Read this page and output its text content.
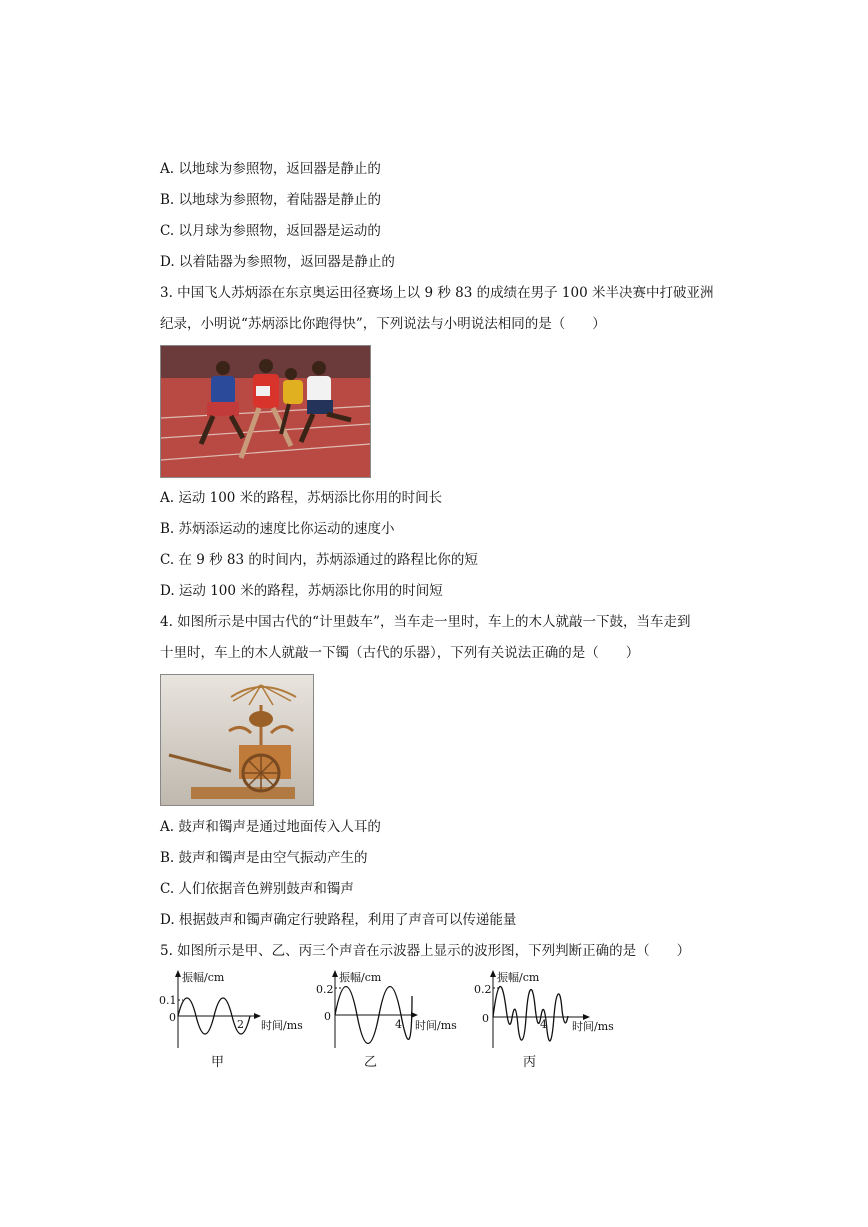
A. 以地球为参照物，返回器是静止的
B. 以地球为参照物，着陆器是静止的
C. 以月球为参照物，返回器是运动的
D. 以着陆器为参照物，返回器是静止的
3. 中国飞人苏炳添在东京奥运田径赛场上以 9 秒 83 的成绩在男子 100 米半决赛中打破亚洲
纪录，小明说“苏炳添比你跑得快”，下列说法与小明说法相同的是（　　）
A. 运动 100 米的路程，苏炳添比你用的时间长
B. 苏炳添运动的速度比你运动的速度小
C. 在 9 秒 83 的时间内，苏炳添通过的路程比你的短
D. 运动 100 米的路程，苏炳添比你用的时间短
4. 如图所示是中国古代的“计里鼓车”，当车走一里时，车上的木人就敲一下鼓，当车走到
十里时，车上的木人就敲一下镯（古代的乐器），下列有关说法正确的是（　　）
A. 鼓声和镯声是通过地面传入人耳的
B. 鼓声和镯声是由空气振动产生的
C. 人们依据音色辨别鼓声和镯声
D. 根据鼓声和镯声确定行驶路程，利用了声音可以传递能量
5. 如图所示是甲、乙、丙三个声音在示波器上显示的波形图，下列判断正确的是（　　）
振幅/cm
0.1
0
2 时间/ms
甲
振幅/cm
0.2
0
4 时间/ms
乙
振幅/cm
0.2
0	4 时间/ms
丙
